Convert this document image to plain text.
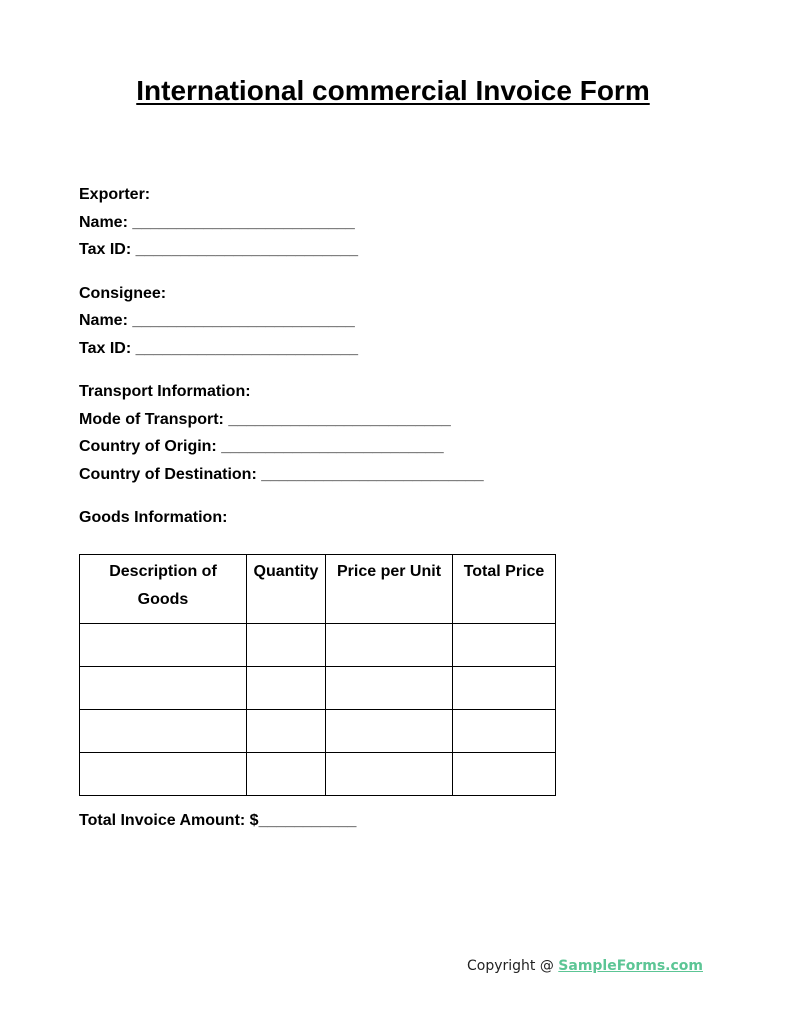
International commercial Invoice Form
Exporter:
Name: _________________________
Tax ID: _________________________
Consignee:
Name: _________________________
Tax ID: _________________________
Transport Information:
Mode of Transport: _________________________
Country of Origin: _________________________
Country of Destination: _________________________
Goods Information:
Description of Goods	Quantity	Price per Unit	Total Price

Total Invoice Amount: $___________
Copyright @ SampleForms.com
